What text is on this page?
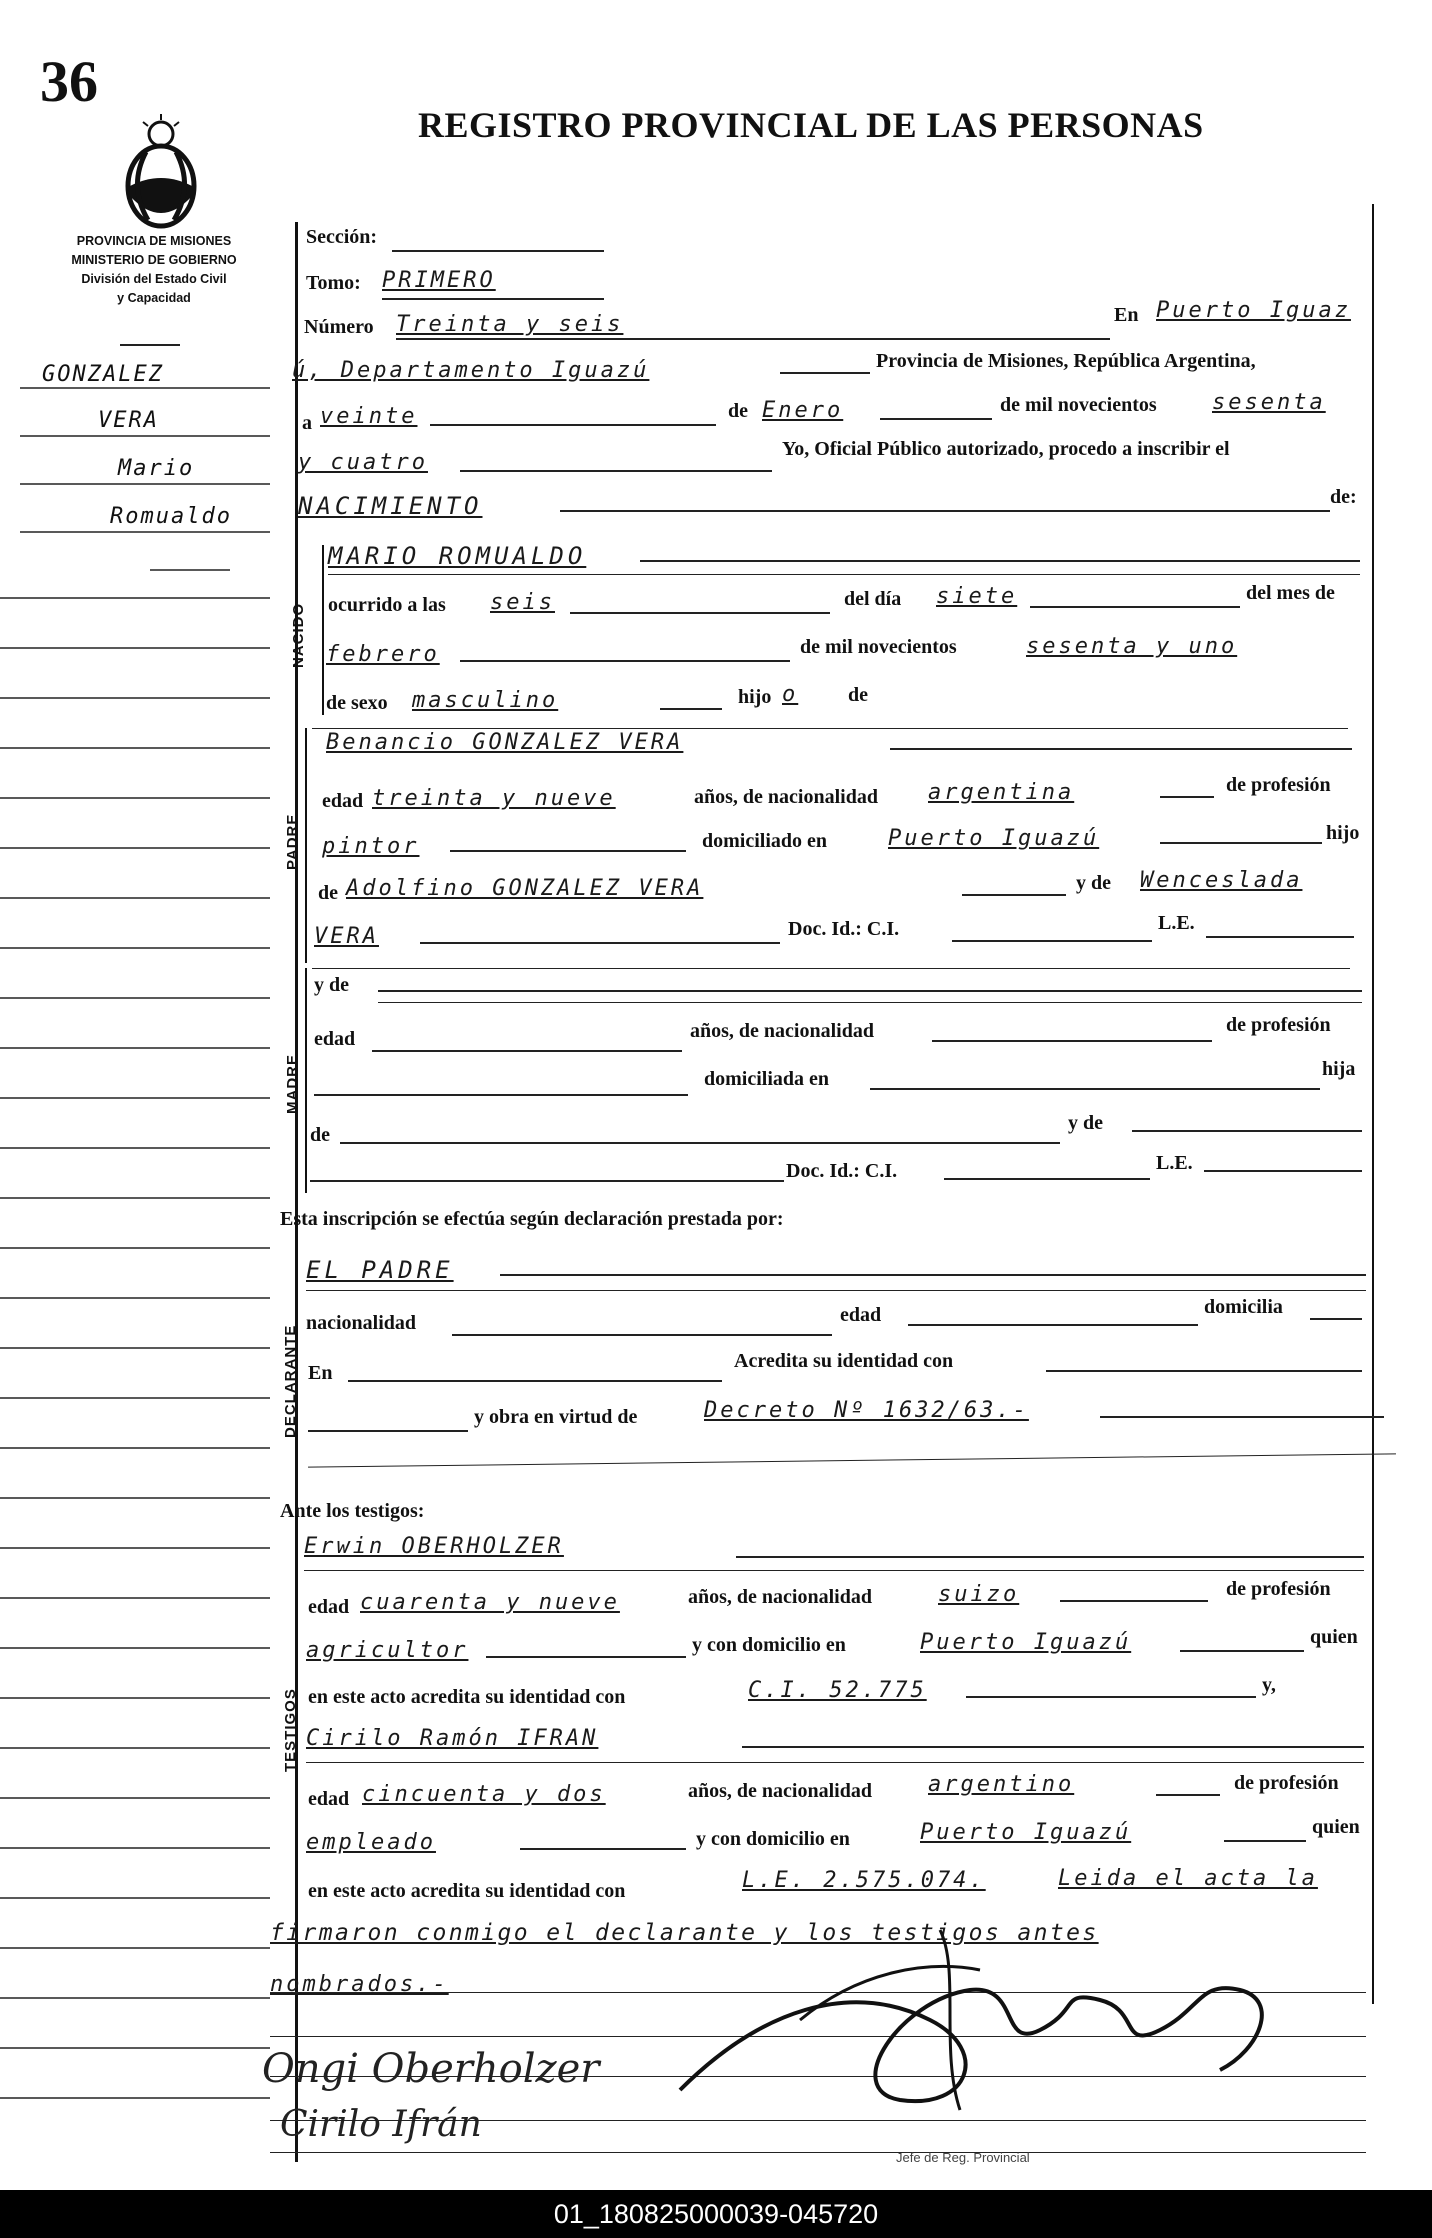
36
REGISTRO PROVINCIAL DE LAS PERSONAS
PROVINCIA DE MISIONES
MINISTERIO DE GOBIERNO
División del Estado Civil
y Capacidad
GONZALEZ
VERA
Mario
Romualdo
NACIDO
PADRE
MADRE
DECLARANTE
TESTIGOS
Sección:
Tomo: PRIMERO
Número Treinta y seis	En Puerto Iguaz
ú, Departamento Iguazú	Provincia de Misiones, República Argentina,
a veinte	de Enero	de mil novecientos	sesenta
y cuatro
Yo, Oficial Público autorizado, procedo a inscribir el
NACIMIENTO	de:
MARIO ROMUALDO
ocurrido a las seis	del día siete	del mes de
febrero	de mil novecientos	sesenta y uno
de sexo masculino	hijo o de
Benancio GONZALEZ VERA
edad treinta y nueve	años, de nacionalidad argentina	de profesión
pintor	domiciliado en	Puerto Iguazú	hijo
de Adolfino GONZALEZ VERA	y de Wenceslada
VERA	Doc. Id.: C.I.	L.E.
y de
edad	años, de nacionalidad	de profesión
domiciliada en	hija
de
y de
Doc. Id.: C.I.	L.E.
Esta inscripción se efectúa según declaración prestada por:
EL PADRE
nacionalidad	edad	domicilia
En
Acredita su identidad con
y obra en virtud de	Decreto Nº 1632/63.-
Ante los testigos:
Erwin OBERHOLZER
edad cuarenta y nueve	años, de nacionalidad	suizo	de profesión
agricultor	y con domicilio en	Puerto Iguazú	quien
en este acto acredita su identidad con	C.I. 52.775	y,
Cirilo Ramón IFRAN
edad cincuenta y dos	años, de nacionalidad	argentino	de profesión
empleado	y con domicilio en	Puerto Iguazú	quien
en este acto acredita su identidad con	L.E. 2.575.074.	Leida el acta la
firmaron conmigo el declarante y los testigos antes
nombrados.-
Ongi Oberholzer
Cirilo Ifrán
Jefe de Reg. Provincial
01_180825000039-045720
